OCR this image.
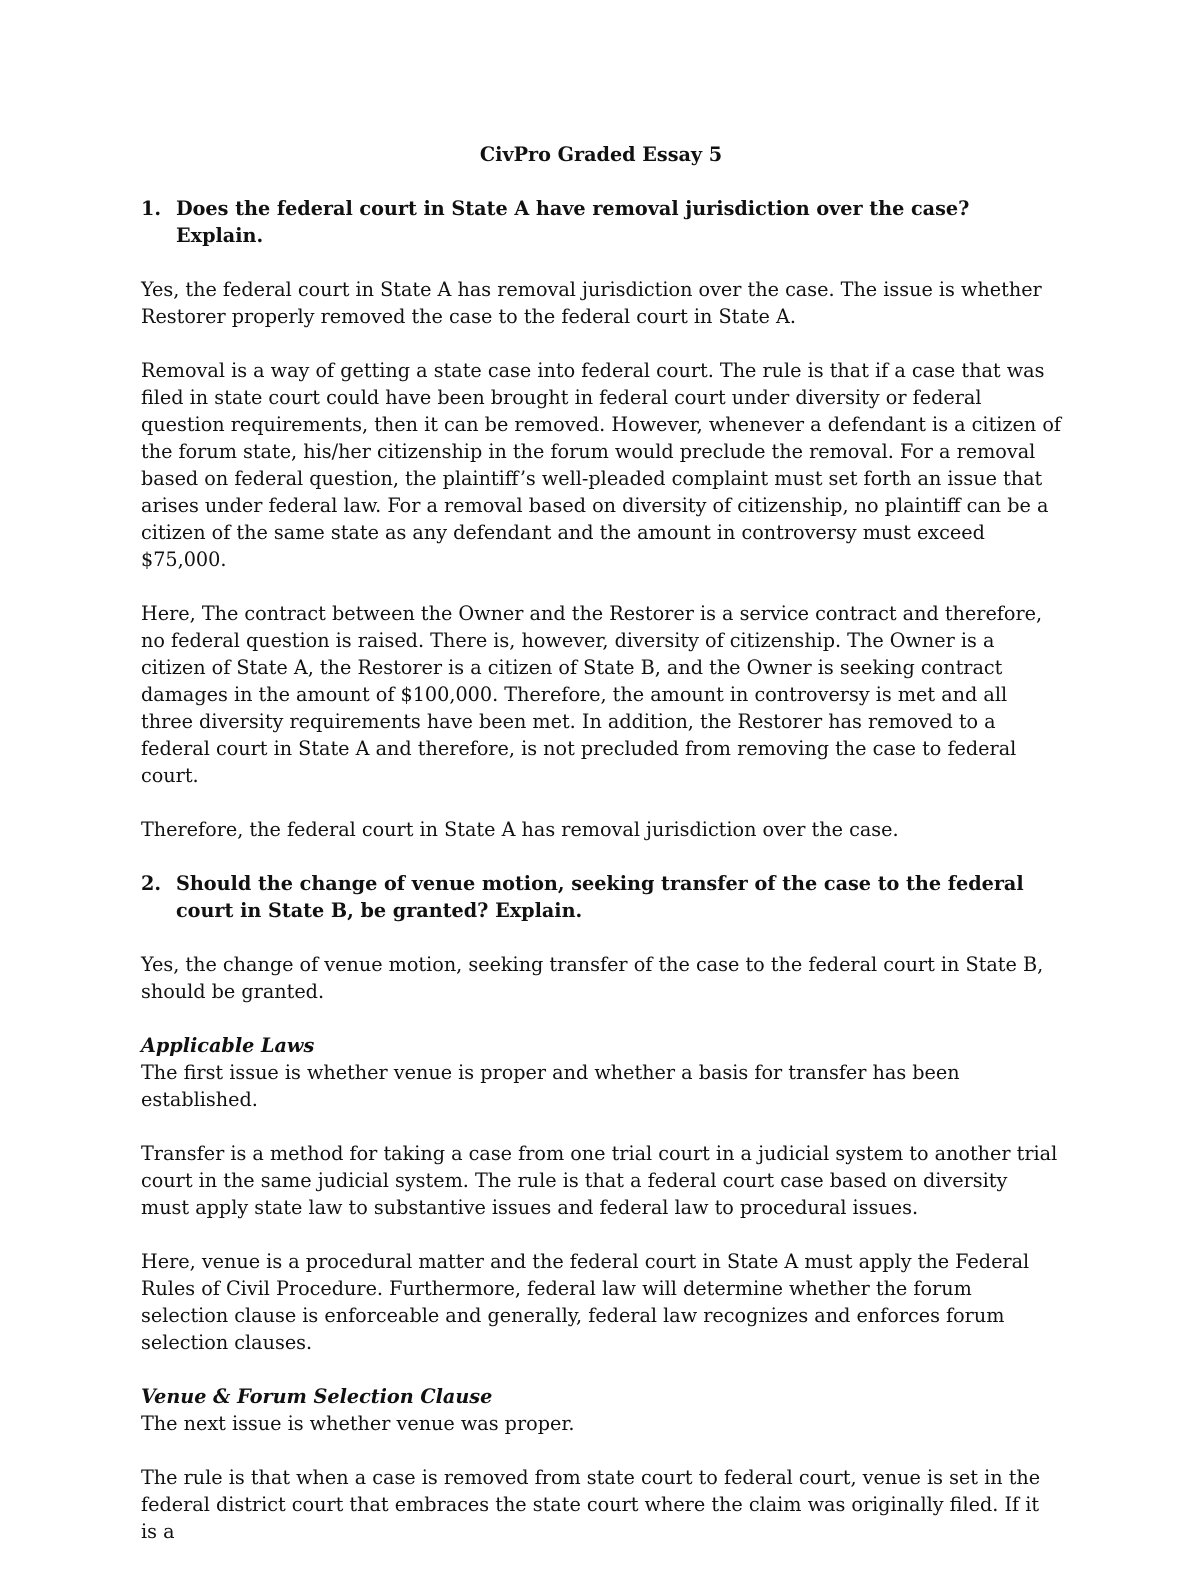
CivPro Graded Essay 5
1. Does the federal court in State A have removal jurisdiction over the case? Explain.

Yes, the federal court in State A has removal jurisdiction over the case. The issue is whether Restorer properly removed the case to the federal court in State A.

Removal is a way of getting a state case into federal court. The rule is that if a case that was filed in state court could have been brought in federal court under diversity or federal question requirements, then it can be removed. However, whenever a defendant is a citizen of the forum state, his/her citizenship in the forum would preclude the removal. For a removal based on federal question, the plaintiff’s well-pleaded complaint must set forth an issue that arises under federal law. For a removal based on diversity of citizenship, no plaintiff can be a citizen of the same state as any defendant and the amount in controversy must exceed $75,000.

Here, The contract between the Owner and the Restorer is a service contract and therefore, no federal question is raised. There is, however, diversity of citizenship. The Owner is a citizen of State A, the Restorer is a citizen of State B, and the Owner is seeking contract damages in the amount of $100,000. Therefore, the amount in controversy is met and all three diversity requirements have been met. In addition, the Restorer has removed to a federal court in State A and therefore, is not precluded from removing the case to federal court.

Therefore, the federal court in State A has removal jurisdiction over the case.

2. Should the change of venue motion, seeking transfer of the case to the federal court in State B, be granted? Explain.

Yes, the change of venue motion, seeking transfer of the case to the federal court in State B, should be granted.

Applicable Laws
The first issue is whether venue is proper and whether a basis for transfer has been established.

Transfer is a method for taking a case from one trial court in a judicial system to another trial court in the same judicial system. The rule is that a federal court case based on diversity must apply state law to substantive issues and federal law to procedural issues.

Here, venue is a procedural matter and the federal court in State A must apply the Federal Rules of Civil Procedure. Furthermore, federal law will determine whether the forum selection clause is enforceable and generally, federal law recognizes and enforces forum selection clauses.

Venue & Forum Selection Clause
The next issue is whether venue was proper.

The rule is that when a case is removed from state court to federal court, venue is set in the federal district court that embraces the state court where the claim was originally filed. If it is a
